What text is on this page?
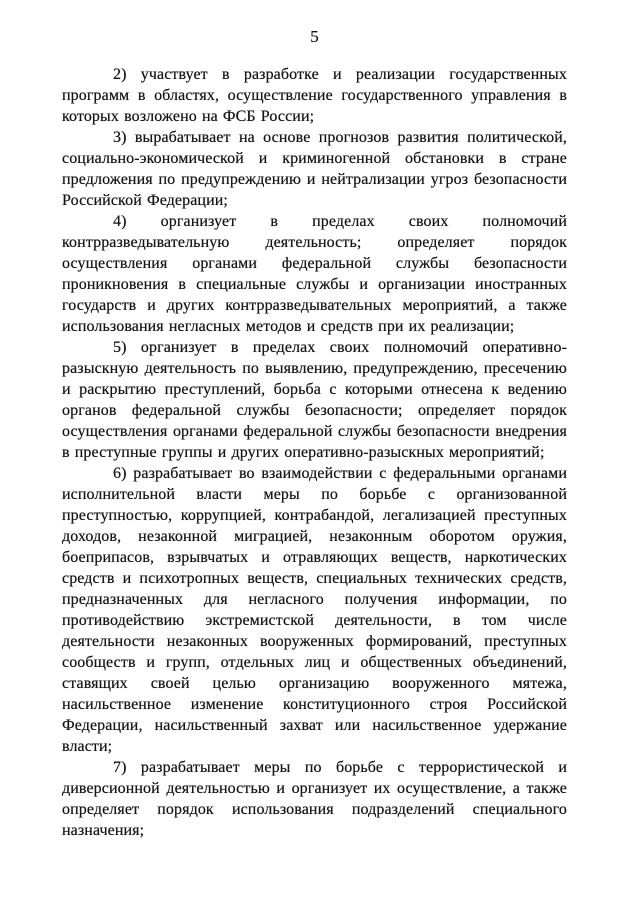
5

2) участвует в разработке и реализации государственных программ в областях, осуществление государственного управления в которых возложено на ФСБ России;

3) вырабатывает на основе прогнозов развития политической, социально-экономической и криминогенной обстановки в стране предложения по предупреждению и нейтрализации угроз безопасности Российской Федерации;

4) организует в пределах своих полномочий контрразведывательную деятельность; определяет порядок осуществления органами федеральной службы безопасности проникновения в специальные службы и организации иностранных государств и других контрразведывательных мероприятий, а также использования негласных методов и средств при их реализации;

5) организует в пределах своих полномочий оперативно-разыскную деятельность по выявлению, предупреждению, пресечению и раскрытию преступлений, борьба с которыми отнесена к ведению органов федеральной службы безопасности; определяет порядок осуществления органами федеральной службы безопасности внедрения в преступные группы и других оперативно-разыскных мероприятий;

6) разрабатывает во взаимодействии с федеральными органами исполнительной власти меры по борьбе с организованной преступностью, коррупцией, контрабандой, легализацией преступных доходов, незаконной миграцией, незаконным оборотом оружия, боеприпасов, взрывчатых и отравляющих веществ, наркотических средств и психотропных веществ, специальных технических средств, предназначенных для негласного получения информации, по противодействию экстремистской деятельности, в том числе деятельности незаконных вооруженных формирований, преступных сообществ и групп, отдельных лиц и общественных объединений, ставящих своей целью организацию вооруженного мятежа, насильственное изменение конституционного строя Российской Федерации, насильственный захват или насильственное удержание власти;

7) разрабатывает меры по борьбе с террористической и диверсионной деятельностью и организует их осуществление, а также определяет порядок использования подразделений специального назначения;
